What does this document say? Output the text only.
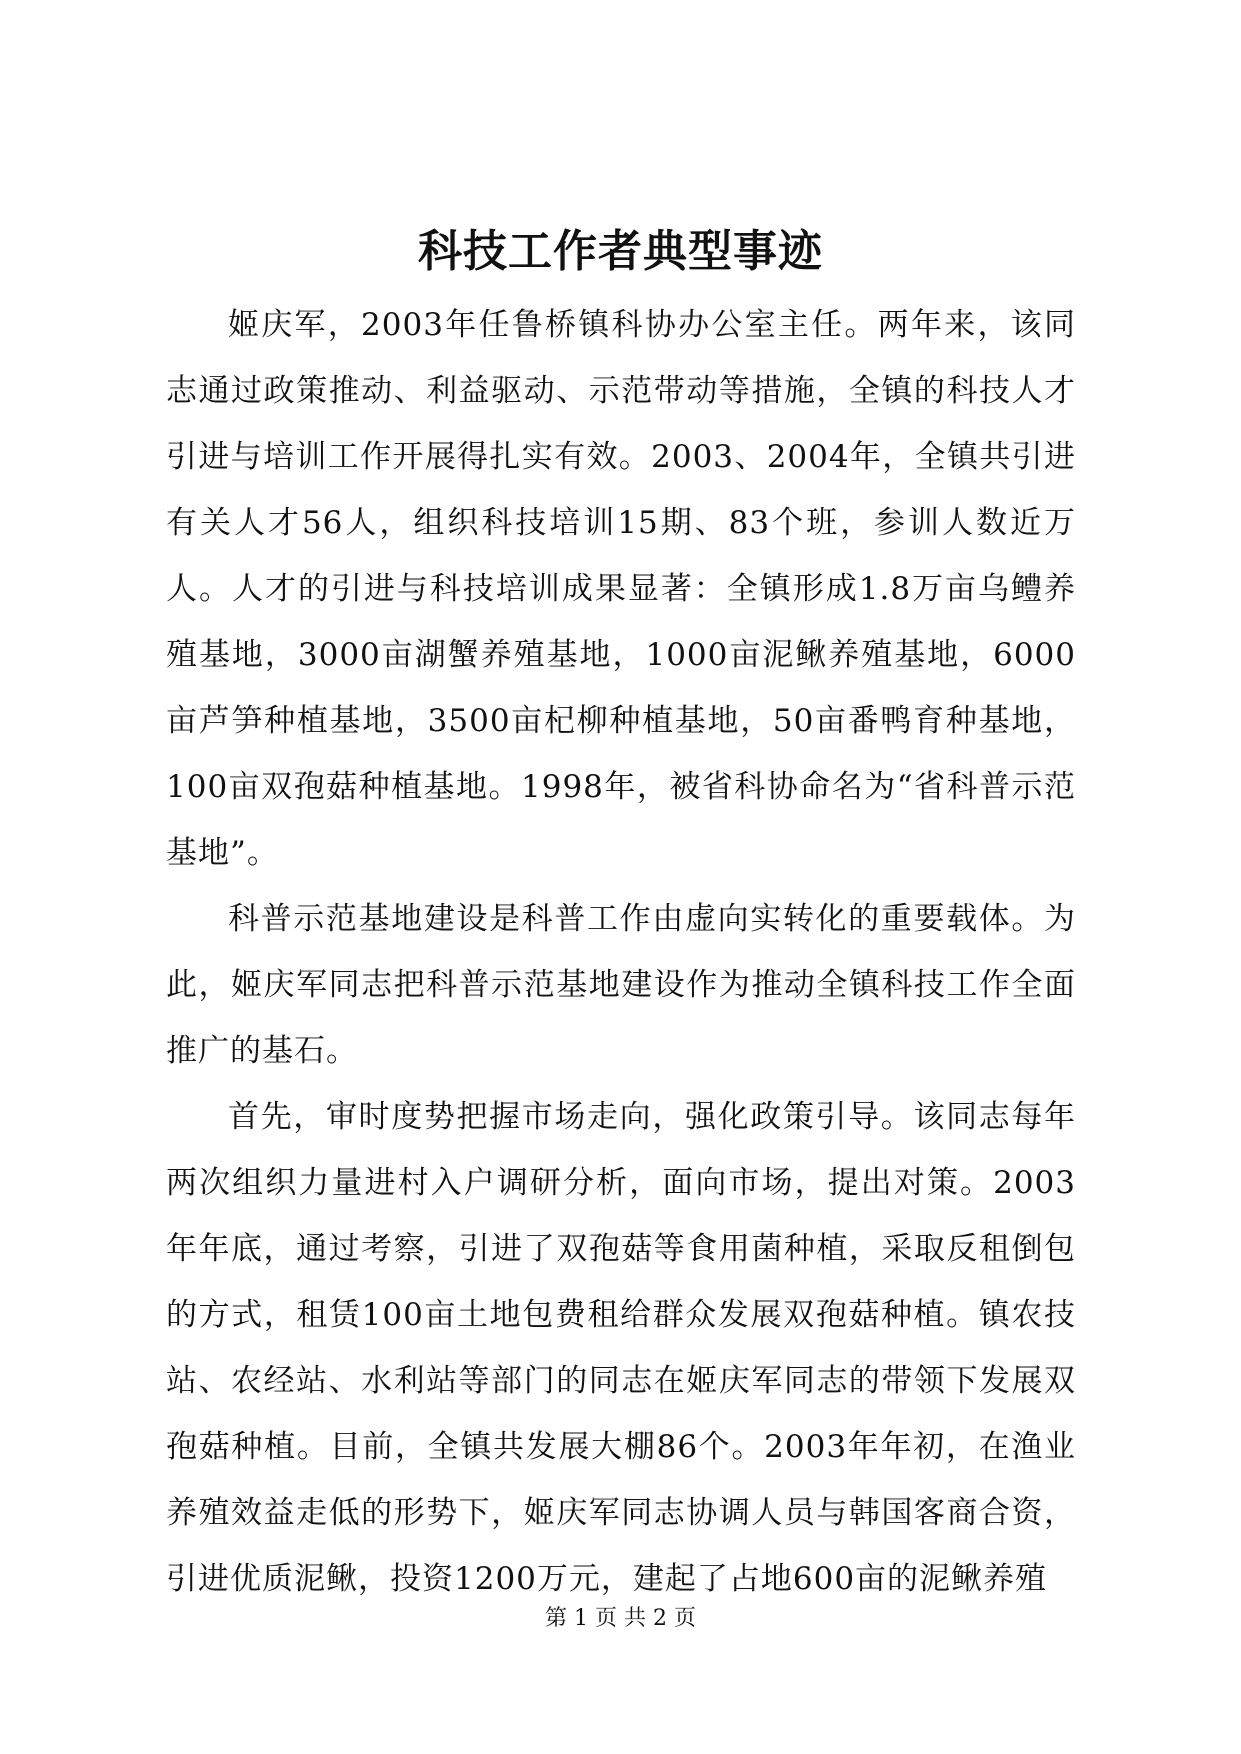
科技工作者典型事迹

姬庆军，2003年任鲁桥镇科协办公室主任。两年来，该同志通过政策推动、利益驱动、示范带动等措施，全镇的科技人才引进与培训工作开展得扎实有效。2003、2004年，全镇共引进有关人才56人，组织科技培训15期、83个班，参训人数近万人。人才的引进与科技培训成果显著：全镇形成1.8万亩乌鳢养殖基地，3000亩湖蟹养殖基地，1000亩泥鳅养殖基地，6000亩芦笋种植基地，3500亩杞柳种植基地，50亩番鸭育种基地，100亩双孢菇种植基地。1998年，被省科协命名为“省科普示范基地”。

科普示范基地建设是科普工作由虚向实转化的重要载体。为此，姬庆军同志把科普示范基地建设作为推动全镇科技工作全面推广的基石。

首先，审时度势把握市场走向，强化政策引导。该同志每年两次组织力量进村入户调研分析，面向市场，提出对策。2003年年底，通过考察，引进了双孢菇等食用菌种植，采取反租倒包的方式，租赁100亩土地包费租给群众发展双孢菇种植。镇农技站、农经站、水利站等部门的同志在姬庆军同志的带领下发展双孢菇种植。目前，全镇共发展大棚86个。2003年年初，在渔业养殖效益走低的形势下，姬庆军同志协调人员与韩国客商合资，引进优质泥鳅，投资1200万元，建起了占地600亩的泥鳅养殖

第 1 页 共 2 页
